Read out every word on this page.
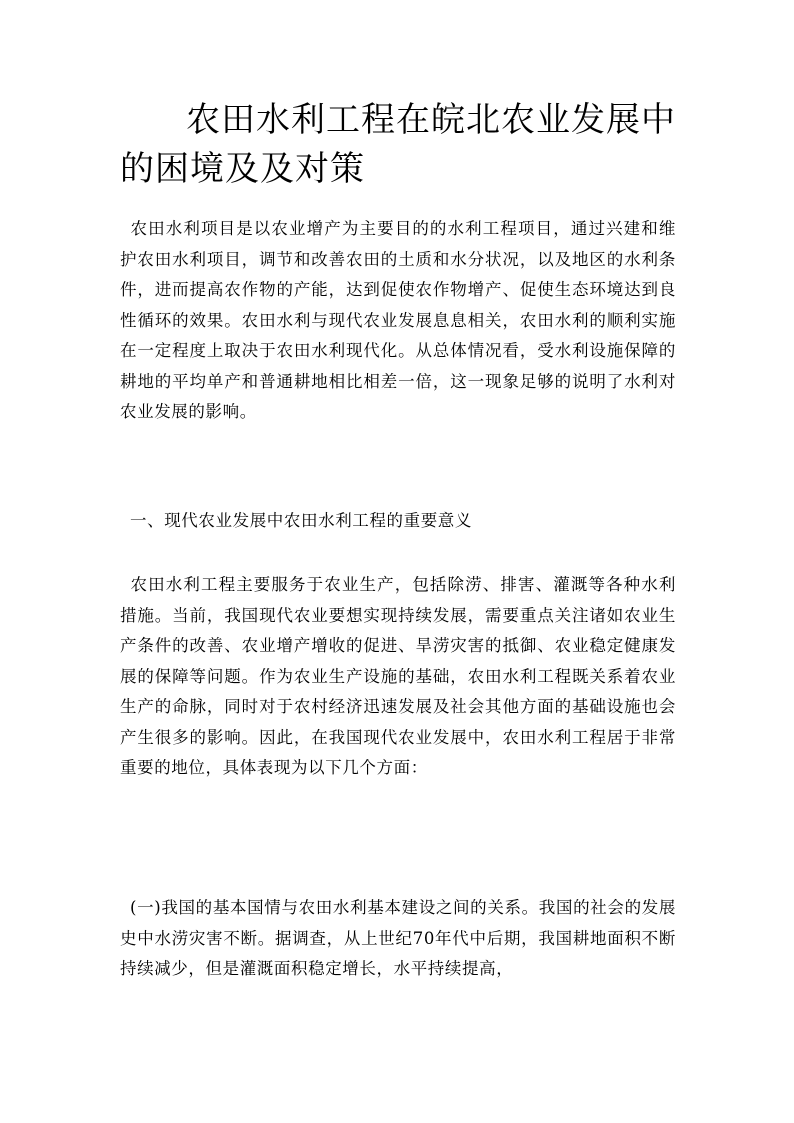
农田水利工程在皖北农业发展中的困境及及对策

农田水利项目是以农业增产为主要目的的水利工程项目，通过兴建和维护农田水利项目，调节和改善农田的土质和水分状况，以及地区的水利条件，进而提高农作物的产能，达到促使农作物增产、促使生态环境达到良性循环的效果。农田水利与现代农业发展息息相关，农田水利的顺利实施在一定程度上取决于农田水利现代化。从总体情况看，受水利设施保障的耕地的平均单产和普通耕地相比相差一倍，这一现象足够的说明了水利对农业发展的影响。

一、现代农业发展中农田水利工程的重要意义

农田水利工程主要服务于农业生产，包括除涝、排害、灌溉等各种水利措施。当前，我国现代农业要想实现持续发展，需要重点关注诸如农业生产条件的改善、农业增产增收的促进、旱涝灾害的抵御、农业稳定健康发展的保障等问题。作为农业生产设施的基础，农田水利工程既关系着农业生产的命脉，同时对于农村经济迅速发展及社会其他方面的基础设施也会产生很多的影响。因此，在我国现代农业发展中，农田水利工程居于非常重要的地位，具体表现为以下几个方面：

(一)我国的基本国情与农田水利基本建设之间的关系。我国的社会的发展史中水涝灾害不断。据调查，从上世纪70年代中后期，我国耕地面积不断持续减少，但是灌溉面积稳定增长，水平持续提高，
